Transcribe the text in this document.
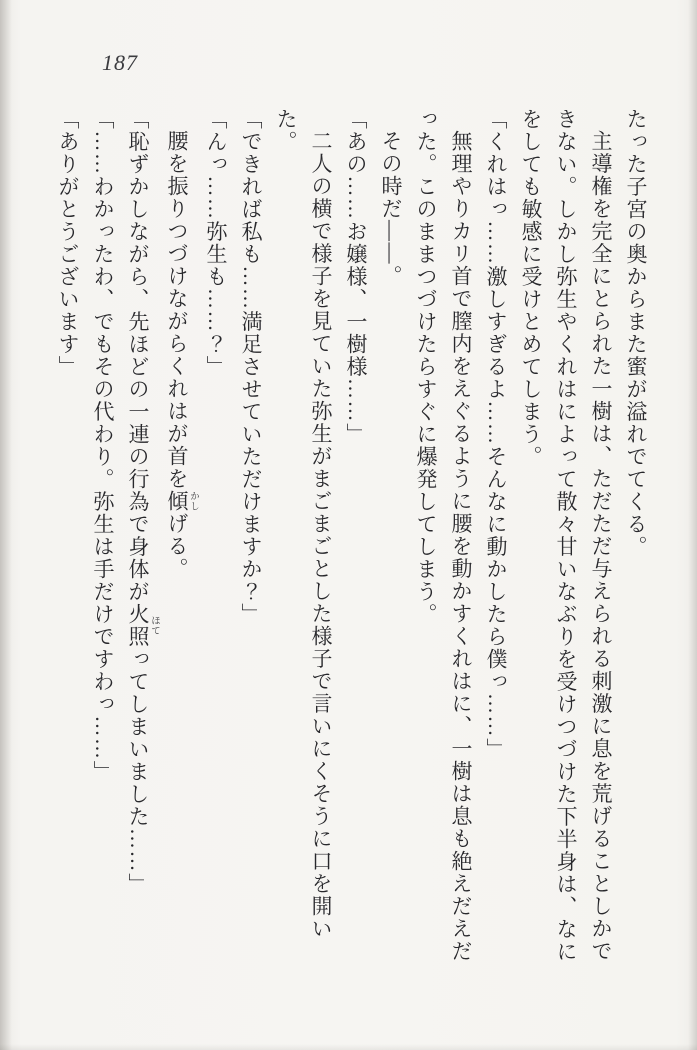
187
たった子宮の奥からまた蜜が溢れでてくる。
主導権を完全にとられた一樹は、ただただ与えられる刺激に息を荒げることしかで
きない。しかし弥生やくれはによって散々甘いなぶりを受けつづけた下半身は、なに
をしても敏感に受けとめてしまう。
「くれはっ……激しすぎるよ……そんなに動かしたら僕っ……」
無理やりカリ首で膣内をえぐるように腰を動かすくれはに、一樹は息も絶えだえだ
った。このままつづけたらすぐに爆発してしまう。
その時だ――。
「あの……お嬢様、一樹様……」
二人の横で様子を見ていた弥生がまごまごとした様子で言いにくそうに口を開いた。
「できれば私も……満足させていただけますか？」
「んっ……弥生も……？」
腰を振りつづけながらくれはが首を傾 かしげる。
「恥ずかしながら、先ほどの一連の行為で身体が火照 ほてってしまいました……」
「……わかったわ、でもその代わり。弥生は手だけですわっ……」
「ありがとうございます」
